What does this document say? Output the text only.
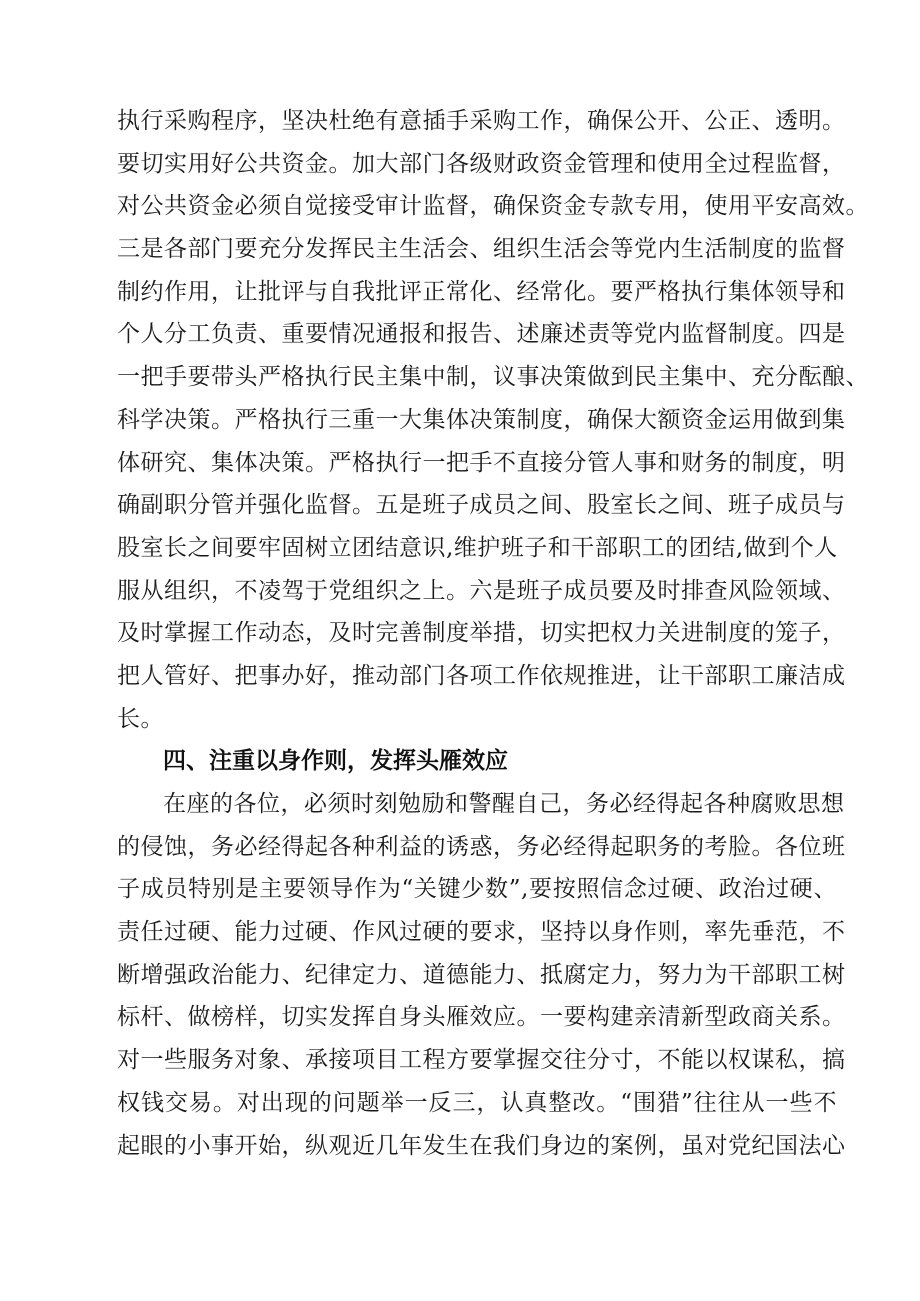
执行采购程序，坚决杜绝有意插手采购工作，确保公开、公正、透明。
要切实用好公共资金。加大部门各级财政资金管理和使用全过程监督，
对公共资金必须自觉接受审计监督，确保资金专款专用，使用平安高效。
三是各部门要充分发挥民主生活会、组织生活会等党内生活制度的监督
制约作用，让批评与自我批评正常化、经常化。要严格执行集体领导和
个人分工负责、重要情况通报和报告、述廉述责等党内监督制度。四是
一把手要带头严格执行民主集中制，议事决策做到民主集中、充分酝酿、
科学决策。严格执行三重一大集体决策制度，确保大额资金运用做到集
体研究、集体决策。严格执行一把手不直接分管人事和财务的制度，明
确副职分管并强化监督。五是班子成员之间、股室长之间、班子成员与
股室长之间要牢固树立团结意识,维护班子和干部职工的团结,做到个人
服从组织，不凌驾于党组织之上。六是班子成员要及时排查风险领域、
及时掌握工作动态，及时完善制度举措，切实把权力关进制度的笼子，
把人管好、把事办好，推动部门各项工作依规推进，让干部职工廉洁成
长。
四、注重以身作则，发挥头雁效应
在座的各位，必须时刻勉励和警醒自己，务必经得起各种腐败思想
的侵蚀，务必经得起各种利益的诱惑，务必经得起职务的考脸。各位班
子成员特别是主要领导作为“关键少数”,要按照信念过硬、政治过硬、
责任过硬、能力过硬、作风过硬的要求，坚持以身作则，率先垂范，不
断增强政治能力、纪律定力、道德能力、抵腐定力，努力为干部职工树
标杆、做榜样，切实发挥自身头雁效应。一要构建亲清新型政商关系。
对一些服务对象、承接项目工程方要掌握交往分寸，不能以权谋私，搞
权钱交易。对出现的问题举一反三，认真整改。“围猎”往往从一些不
起眼的小事开始，纵观近几年发生在我们身边的案例，虽对党纪国法心
